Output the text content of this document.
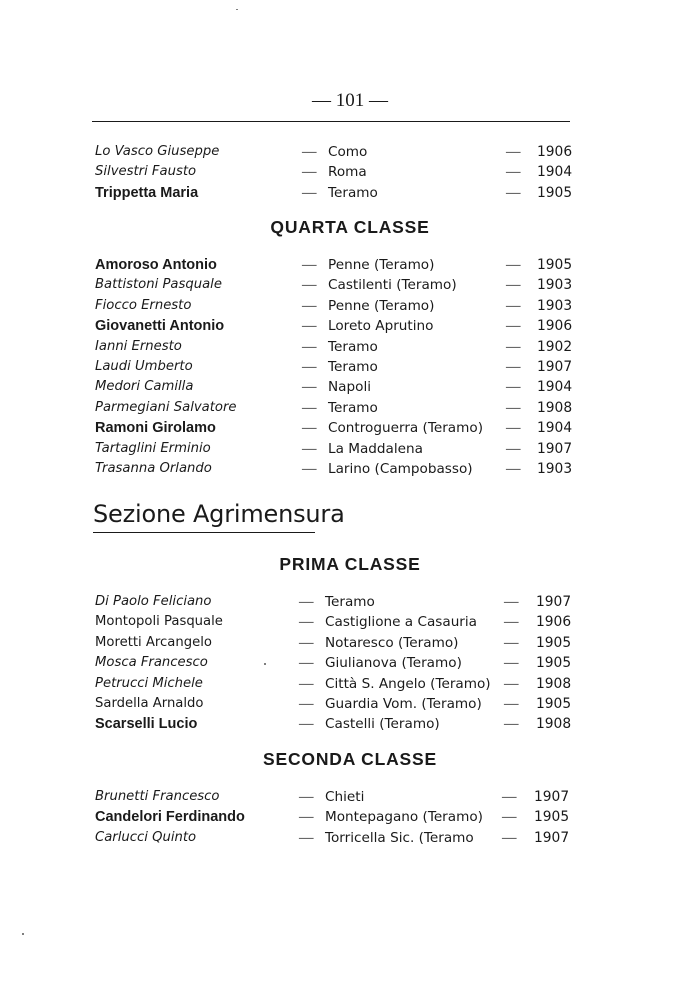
— 101 —
Lo Vasco Giuseppe	— Como	— 1906
Silvestri Fausto	— Roma	— 1904
Trippetta Maria	— Teramo	— 1905
QUARTA CLASSE
Amoroso Antonio	— Penne (Teramo)	— 1905
Battistoni Pasquale	— Castilenti (Teramo)	— 1903
Fiocco Ernesto	— Penne (Teramo)	— 1903
Giovanetti Antonio	— Loreto Aprutino	— 1906
Ianni Ernesto	— Teramo	— 1902
Laudi Umberto	— Teramo	— 1907
Medori Camilla	— Napoli	— 1904
Parmegiani Salvatore	— Teramo	— 1908
Ramoni Girolamo	— Controguerra (Teramo) — 1904
Tartaglini Erminio	— La Maddalena	— 1907
Trasanna Orlando	— Larino (Campobasso) — 1903
Sezione Agrimensura
PRIMA CLASSE
Di Paolo Feliciano	— Teramo	— 1907
Montopoli Pasquale	— Castiglione a Casauria — 1906
Moretti Arcangelo	— Notaresco (Teramo)	— 1905
Mosca Francesco	— Giulianova (Teramo)	— 1905
Petrucci Michele	— Città S. Angelo (Teramo) — 1908
Sardella Arnaldo	— Guardia Vom. (Teramo) — 1905
Scarselli Lucio	— Castelli (Teramo)	— 1908
SECONDA CLASSE
Brunetti Francesco	— Chieti	— 1907
Candelori Ferdinando	— Montepagano (Teramo) — 1905
Carlucci Quinto	— Torricella Sic. (Teramo — 1907
